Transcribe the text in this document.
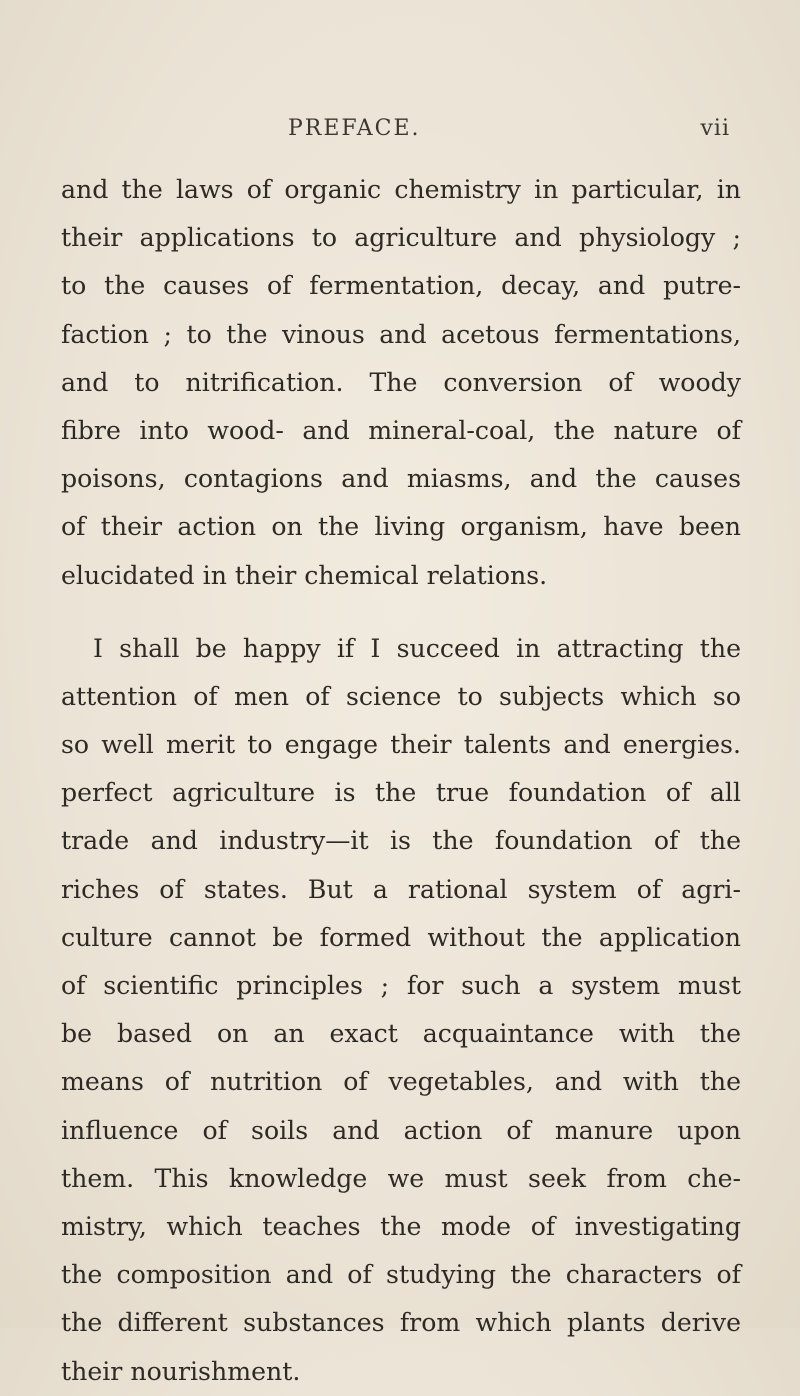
PREFACE.	vii
and the laws of organic chemistry in particular, in
their applications to agriculture and physiology ;
to the causes of fermentation, decay, and putre-
faction ; to the vinous and acetous fermentations,
and to nitrification. The conversion of woody
fibre into wood- and mineral-coal, the nature of
poisons, contagions and miasms, and the causes
of their action on the living organism, have been
elucidated in their chemical relations.
I shall be happy if I succeed in attracting the
attention of men of science to subjects which so
so well merit to engage their talents and energies.
perfect agriculture is the true foundation of all
trade and industry—it is the foundation of the
riches of states. But a rational system of agri-
culture cannot be formed without the application
of scientific principles ; for such a system must
be based on an exact acquaintance with the
means of nutrition of vegetables, and with the
influence of soils and action of manure upon
them. This knowledge we must seek from che-
mistry, which teaches the mode of investigating
the composition and of studying the characters of
the different substances from which plants derive
their nourishment.
